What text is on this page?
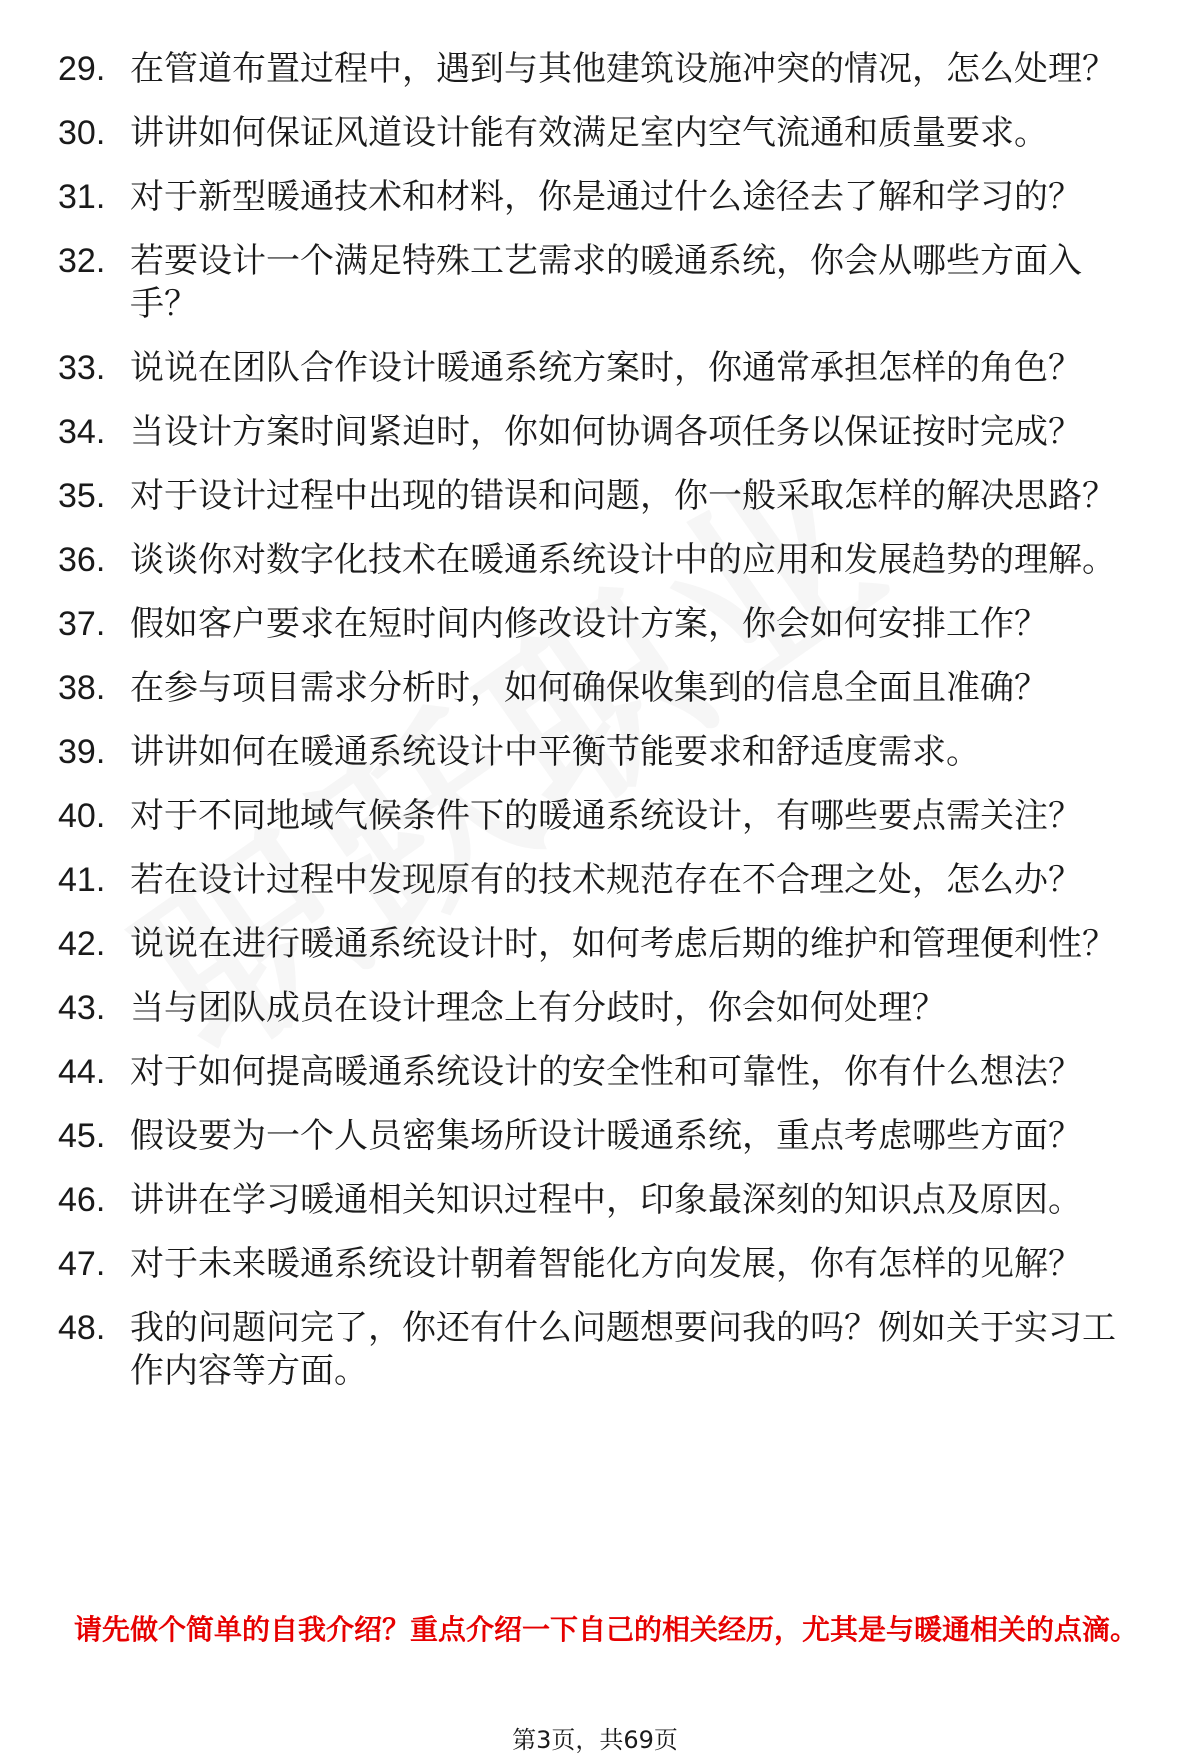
29. 在管道布置过程中，遇到与其他建筑设施冲突的情况，怎么处理？
30. 讲讲如何保证风道设计能有效满足室内空气流通和质量要求。
31. 对于新型暖通技术和材料，你是通过什么途径去了解和学习的？
32. 若要设计一个满足特殊工艺需求的暖通系统，你会从哪些方面入手？
33. 说说在团队合作设计暖通系统方案时，你通常承担怎样的角色？
34. 当设计方案时间紧迫时，你如何协调各项任务以保证按时完成？
35. 对于设计过程中出现的错误和问题，你一般采取怎样的解决思路？
36. 谈谈你对数字化技术在暖通系统设计中的应用和发展趋势的理解。
37. 假如客户要求在短时间内修改设计方案，你会如何安排工作？
38. 在参与项目需求分析时，如何确保收集到的信息全面且准确？
39. 讲讲如何在暖通系统设计中平衡节能要求和舒适度需求。
40. 对于不同地域气候条件下的暖通系统设计，有哪些要点需关注？
41. 若在设计过程中发现原有的技术规范存在不合理之处，怎么办？
42. 说说在进行暖通系统设计时，如何考虑后期的维护和管理便利性？
43. 当与团队成员在设计理念上有分歧时，你会如何处理？
44. 对于如何提高暖通系统设计的安全性和可靠性，你有什么想法？
45. 假设要为一个人员密集场所设计暖通系统，重点考虑哪些方面？
46. 讲讲在学习暖通相关知识过程中，印象最深刻的知识点及原因。
47. 对于未来暖通系统设计朝着智能化方向发展，你有怎样的见解？
48. 我的问题问完了，你还有什么问题想要问我的吗？例如关于实习工作内容等方面。
请先做个简单的自我介绍？重点介绍一下自己的相关经历，尤其是与暖通相关的点滴。
第3页，共69页
